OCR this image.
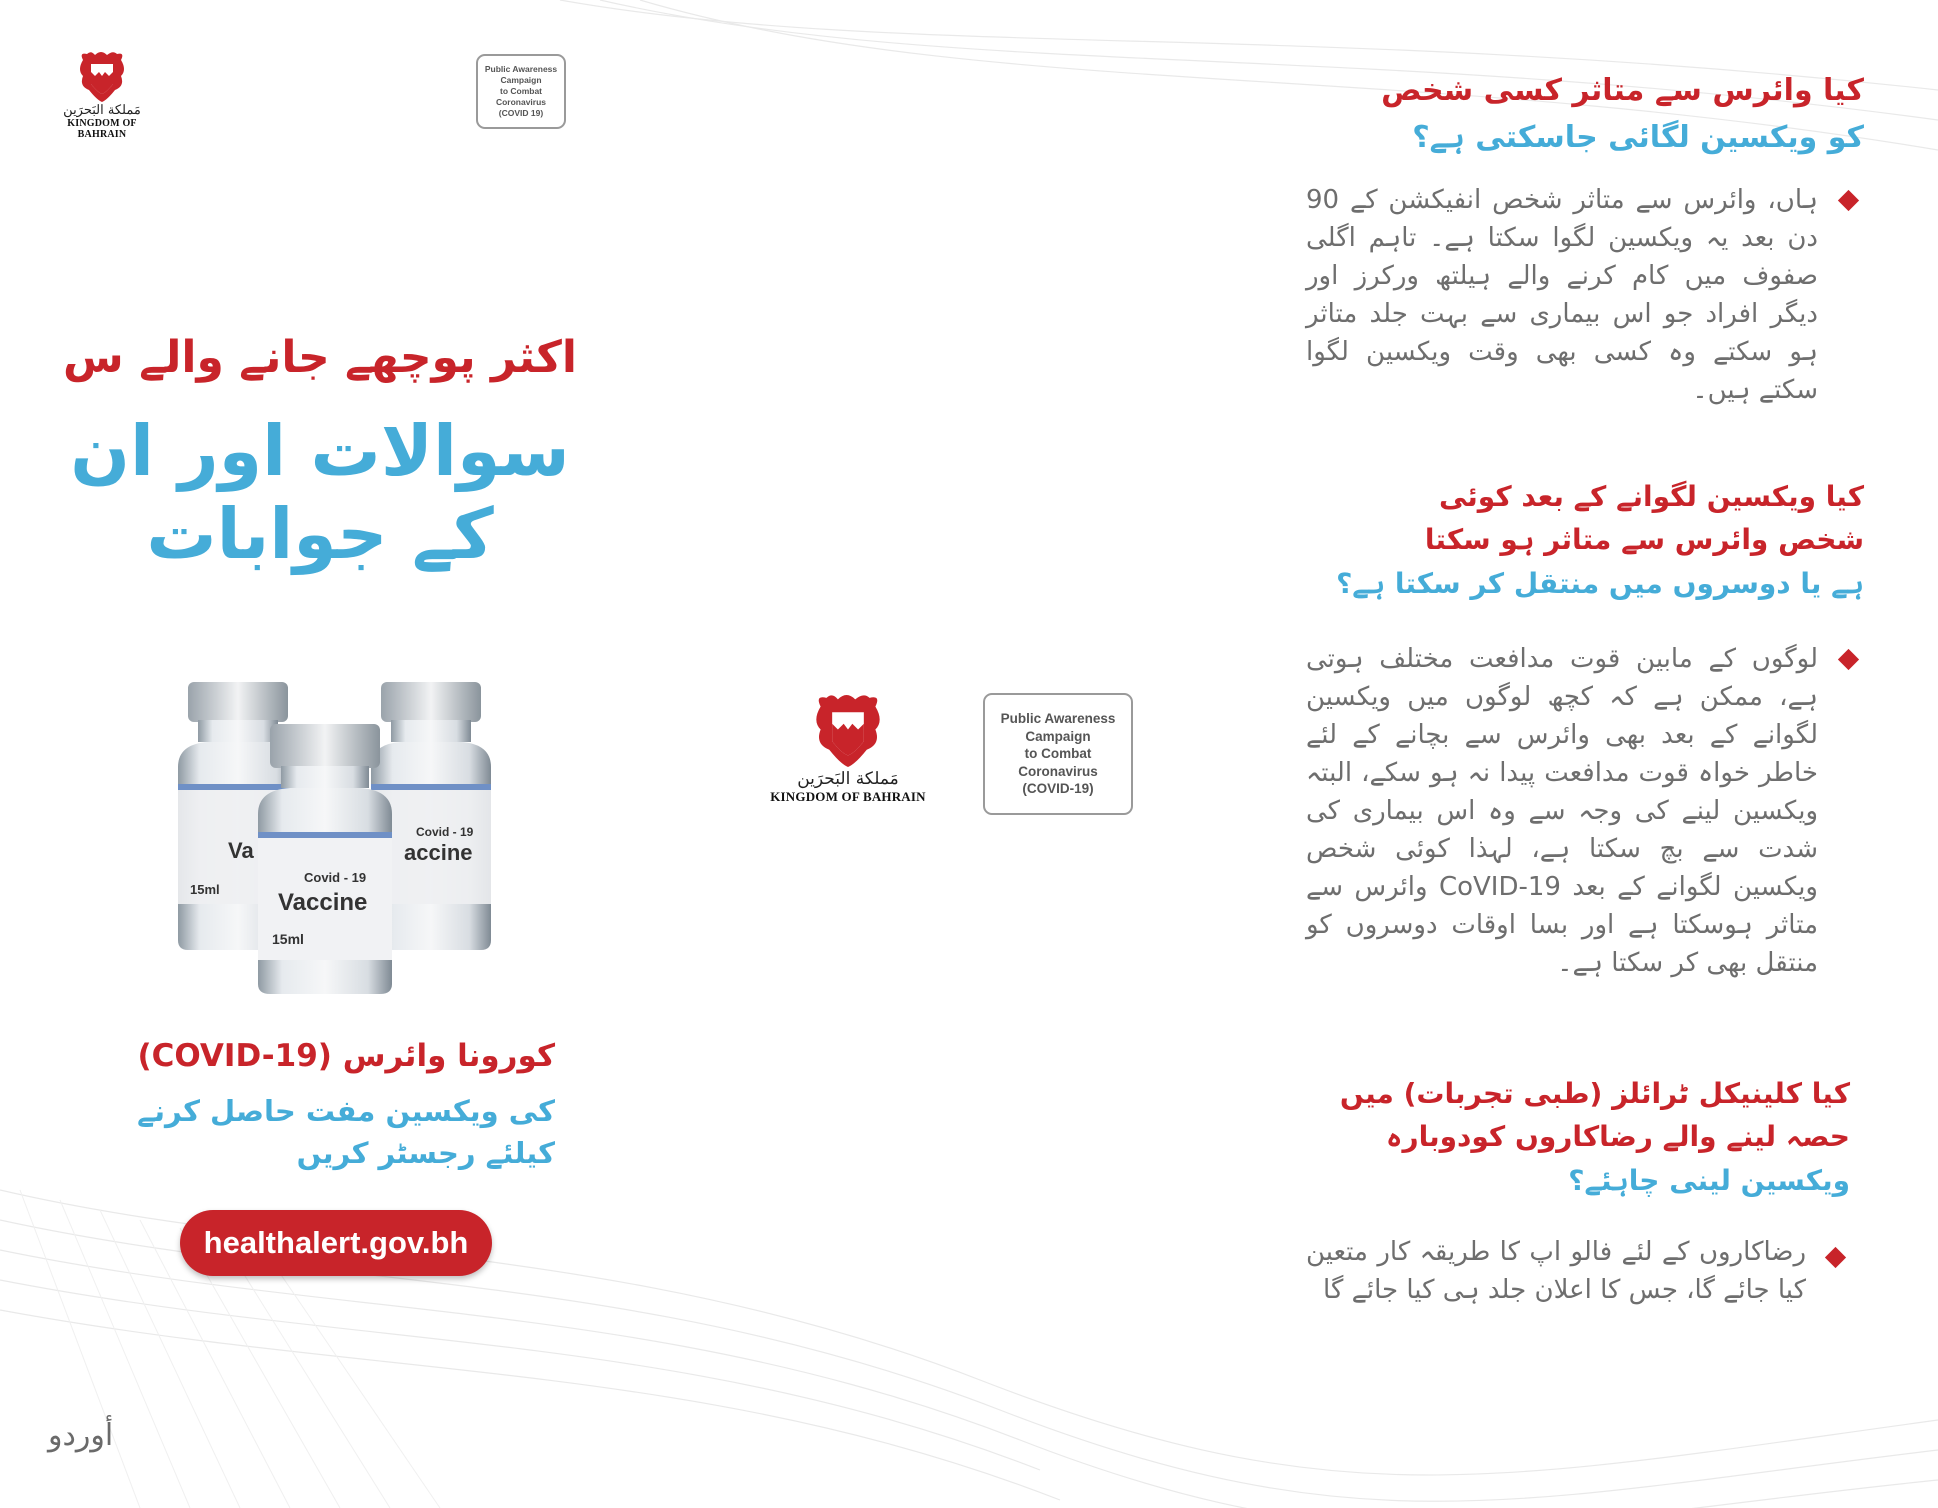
مَملكة البَحرَين
KINGDOM OF BAHRAIN
Public Awareness
Campaign
to Combat
Coronavirus
(COVID 19)
اکثر پوچھے جانے والے س
سوالات اور ان
کے جوابات
Va
15ml
Covid - 19
accine
Covid - 19
Vaccine
15ml
کورونا وائرس (COVID-19)
کی ویکسین مفت حاصل کرنے
کیلئے رجسٹر کریں
healthalert.gov.bh
أوردو
مَملكة البَحرَين
KINGDOM OF BAHRAIN
Public Awareness
Campaign
to Combat
Coronavirus
(COVID-19)
کیا وائرس سے متاثر کسی شخص
کو ویکسین لگائی جاسکتی ہے؟
ہاں، وائرس سے متاثر شخص انفیکشن کے 90 دن بعد یہ ویکسین لگوا سکتا ہے۔ تاہم اگلی صفوف میں کام کرنے والے ہیلتھ ورکرز اور دیگر افراد جو اس بیماری سے بہت جلد متاثر ہو سکتے وہ کسی بھی وقت ویکسین لگوا سکتے ہیں۔
کیا ویکسین لگوانے کے بعد کوئی
شخص وائرس سے متاثر ہو سکتا
ہے یا دوسروں میں منتقل کر سکتا ہے؟
لوگوں کے مابین قوت مدافعت مختلف ہوتی ہے، ممکن ہے کہ کچھ لوگوں میں ویکسین لگوانے کے بعد بھی وائرس سے بچانے کے لئے خاطر خواہ قوت مدافعت پیدا نہ ہو سکے، البتہ ویکسین لینے کی وجہ سے وہ اس بیماری کی شدت سے بچ سکتا ہے، لہذا کوئی شخص ویکسین لگوانے کے بعد CoVID-19 وائرس سے متاثر ہوسکتا ہے اور بسا اوقات دوسروں کو منتقل بھی کر سکتا ہے۔
کیا کلینیکل ٹرائلز (طبی تجربات) میں
حصہ لینے والے رضاکاروں کودوبارہ
ویکسین لینی چاہئے؟
رضاکاروں کے لئے فالو اپ کا طریقہ کار متعین کیا جائے گا، جس کا اعلان جلد ہی کیا جائے گا
